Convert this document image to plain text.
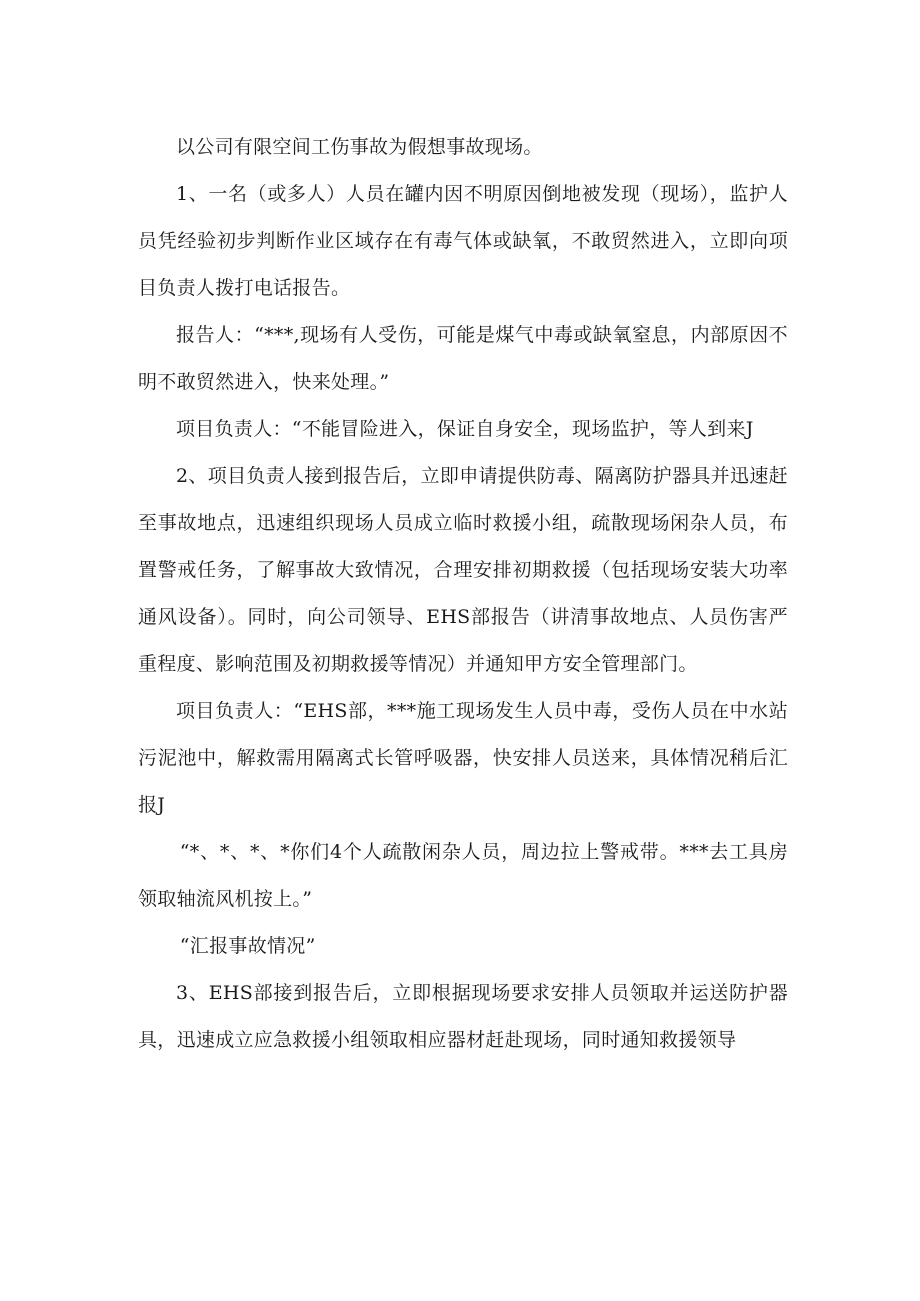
以公司有限空间工伤事故为假想事故现场。

1、一名（或多人）人员在罐内因不明原因倒地被发现（现场），监护人员凭经验初步判断作业区域存在有毒气体或缺氧，不敢贸然进入，立即向项目负责人拨打电话报告。

报告人：“***,现场有人受伤，可能是煤气中毒或缺氧窒息，内部原因不明不敢贸然进入，快来处理。”

项目负责人：“不能冒险进入，保证自身安全，现场监护，等人到来J

2、项目负责人接到报告后，立即申请提供防毒、隔离防护器具并迅速赶至事故地点，迅速组织现场人员成立临时救援小组，疏散现场闲杂人员，布置警戒任务，了解事故大致情况，合理安排初期救援（包括现场安装大功率通风设备）。同时，向公司领导、EHS部报告（讲清事故地点、人员伤害严重程度、影响范围及初期救援等情况）并通知甲方安全管理部门。

项目负责人：“EHS部，***施工现场发生人员中毒，受伤人员在中水站污泥池中，解救需用隔离式长管呼吸器，快安排人员送来，具体情况稍后汇报J

“*、*、*、*你们4个人疏散闲杂人员，周边拉上警戒带。***去工具房领取轴流风机按上。”

“汇报事故情况”

3、EHS部接到报告后，立即根据现场要求安排人员领取并运送防护器具，迅速成立应急救援小组领取相应器材赶赴现场，同时通知救援领导
